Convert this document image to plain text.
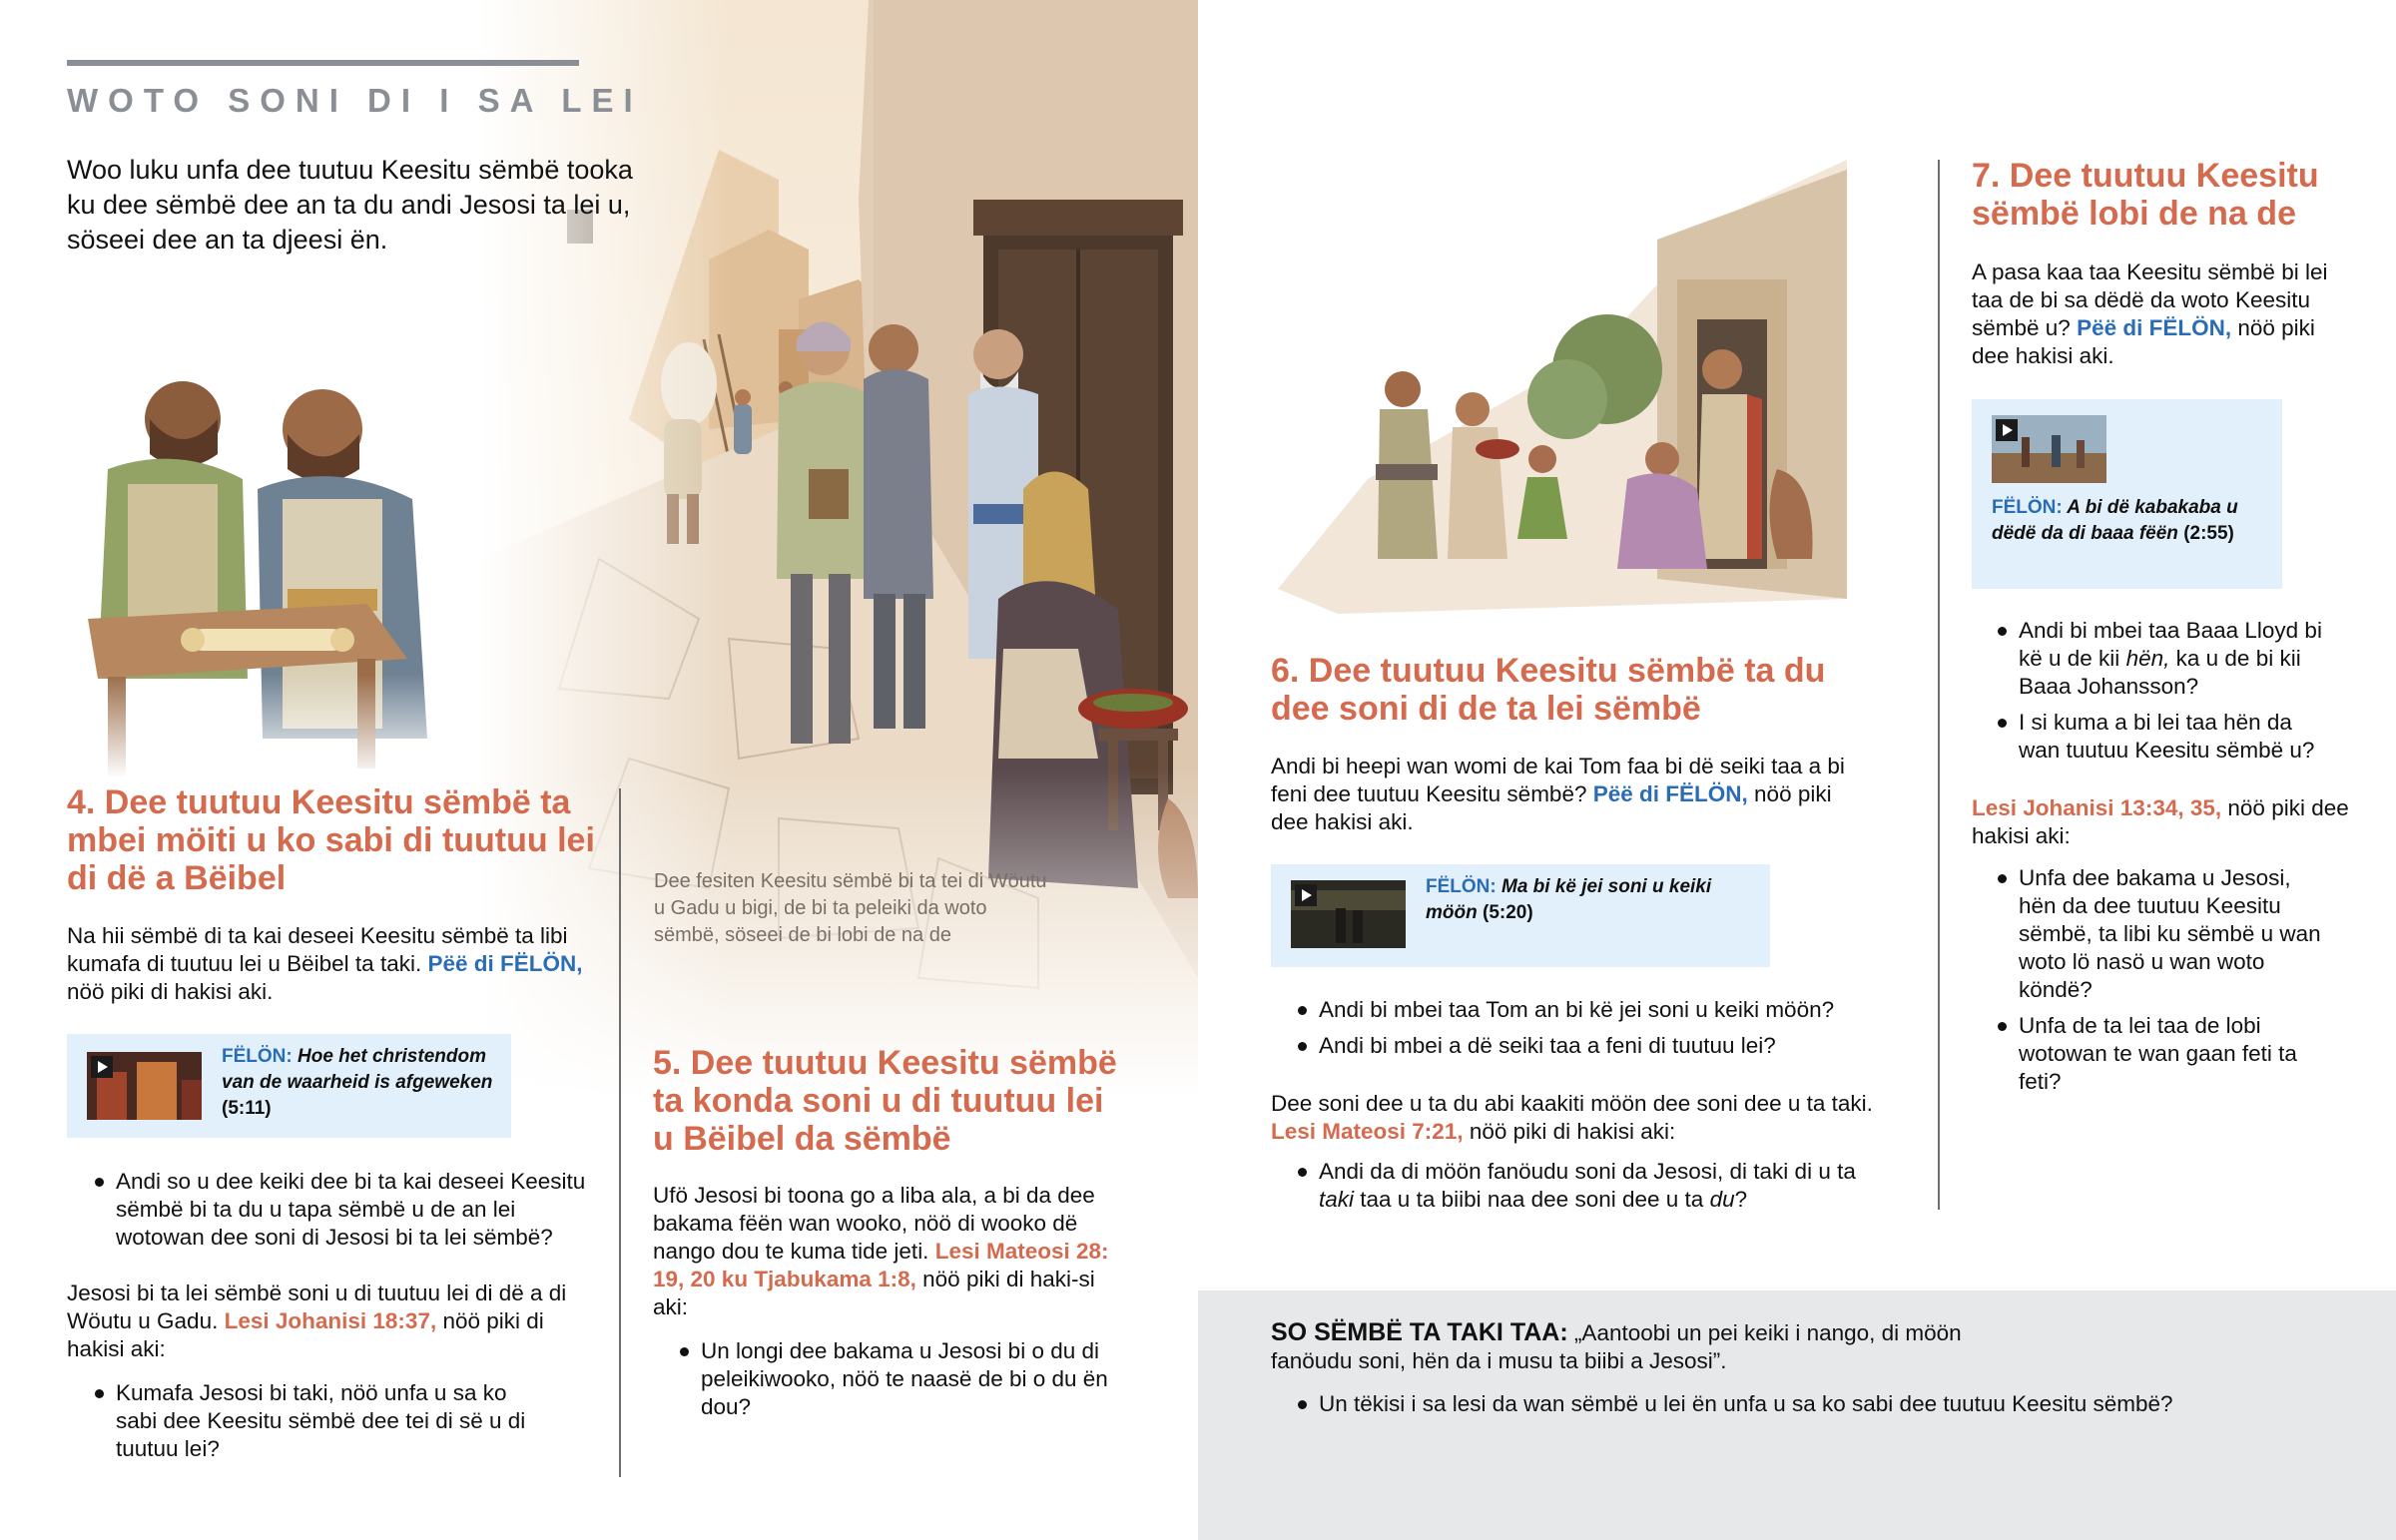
WOTO SONI DI I SA LEI
Woo luku unfa dee tuutuu Keesitu sëmbë tooka ku dee sëmbë dee an ta du andi Jesosi ta lei u, söseei dee an ta djeesi ën.
Dee fesiten Keesitu sëmbë bi ta tei di Wöutu u Gadu u bigi, de bi ta peleiki da woto sëmbë, söseei de bi lobi de na de
4. Dee tuutuu Keesitu sëmbë ta mbei möiti u ko sabi di tuutuu lei di dë a Bëibel
Na hii sëmbë di ta kai deseei Keesitu sëmbë ta libi kumafa di tuutuu lei u Bëibel ta taki. Pëë di FËLÖN, nöö piki di hakisi aki.
FËLÖN: Hoe het christendom van de waarheid is afgeweken (5:11)
Andi so u dee keiki dee bi ta kai deseei Keesitu sëmbë bi ta du u tapa sëmbë u de an lei wotowan dee soni di Jesosi bi ta lei sëmbë?
Jesosi bi ta lei sëmbë soni u di tuutuu lei di dë a di Wöutu u Gadu. Lesi Johanisi 18:37, nöö piki di hakisi aki:
Kumafa Jesosi bi taki, nöö unfa u sa ko sabi dee Keesitu sëmbë dee tei di së u di tuutuu lei?
5. Dee tuutuu Keesitu sëmbë ta konda soni u di tuutuu lei u Bëibel da sëmbë
Ufö Jesosi bi toona go a liba ala, a bi da dee bakama fëën wan wooko, nöö di wooko dë nango dou te kuma tide jeti. Lesi Mateosi 28: 19, 20 ku Tjabukama 1:8, nöö piki di haki-si aki:
Un longi dee bakama u Jesosi bi o du di peleikiwooko, nöö te naasë de bi o du ën dou?
6. Dee tuutuu Keesitu sëmbë ta du dee soni di de ta lei sëmbë
Andi bi heepi wan womi de kai Tom faa bi dë seiki taa a bi feni dee tuutuu Keesitu sëmbë? Pëë di FËLÖN, nöö piki dee hakisi aki.
FËLÖN: Ma bi kë jei soni u keiki möön (5:20)
Andi bi mbei taa Tom an bi kë jei soni u keiki möön?
Andi bi mbei a dë seiki taa a feni di tuutuu lei?
Dee soni dee u ta du abi kaakiti möön dee soni dee u ta taki. Lesi Mateosi 7:21, nöö piki di hakisi aki:
Andi da di möön fanöudu soni da Jesosi, di taki di u ta taki taa u ta biibi naa dee soni dee u ta du?
7. Dee tuutuu Keesitu sëmbë lobi de na de
A pasa kaa taa Keesitu sëmbë bi lei taa de bi sa dëdë da woto Keesitu sëmbë u? Pëë di FËLÖN, nöö piki dee hakisi aki.
FËLÖN: A bi dë kabakaba u dëdë da di baaa fëën (2:55)
Andi bi mbei taa Baaa Lloyd bi kë u de kii hën, ka u de bi kii Baaa Johansson?
I si kuma a bi lei taa hën da wan tuutuu Keesitu sëmbë u?
Lesi Johanisi 13:34, 35, nöö piki dee hakisi aki:
Unfa dee bakama u Jesosi, hën da dee tuutuu Keesitu sëmbë, ta libi ku sëmbë u wan woto lö nasö u wan woto köndë?
Unfa de ta lei taa de lobi wotowan te wan gaan feti ta feti?
SO SËMBË TA TAKI TAA: „Aantoobi un pei keiki i nango, di möön fanöudu soni, hën da i musu ta biibi a Jesosi”.
Un tëkisi i sa lesi da wan sëmbë u lei ën unfa u sa ko sabi dee tuutuu Keesitu sëmbë?
